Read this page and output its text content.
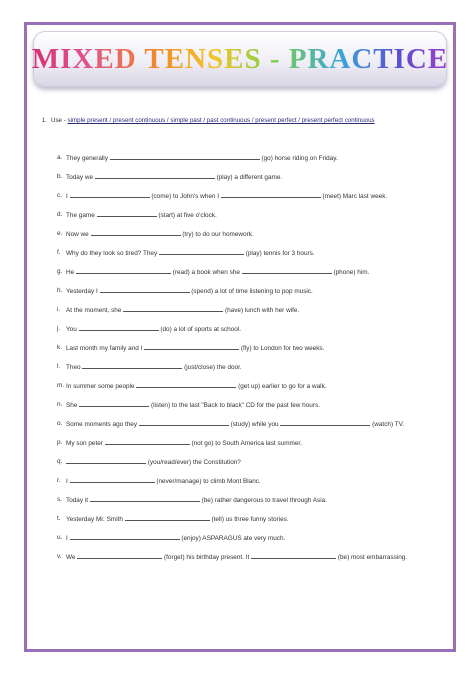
MIXED TENSES - PRACTICE
1. Use - simple present / present continuous / simple past / past continuous / present perfect / present perfect continuous
a. They generally	(go) horse riding on Friday.
b. Today we	(play) a different game.
c. I	(come) to John's when I	(meet) Marc last week.
d. The game	(start) at five o'clock.
e. Now we	(try) to do our homework.
f. Why do they look so tired? They	(play) tennis for 3 hours.
g. He	(read) a book when she	(phone) him.
h. Yesterday I	(spend) a lot of time listening to pop music.
i. At the moment, she	(have) lunch with her wife.
j. You	(do) a lot of sports at school.
k. Last month my family and I	(fly) to London for two weeks.
l. Theo	(just/close) the door.
m. In summer some people	(get up) earlier to go for a walk.
n. She	(listen) to the last "Back to black" CD for the past few hours.
o. Some moments ago they	(study) while you	(watch) TV.
p. My son peter	(not go) to South America last summer.
q.	(you/read/ever) the Constitution?
r. I	(never/manage) to climb Mont Blanc.
s. Today it	(be) rather dangerous to travel through Asia.
t. Yesterday Mr. Smith	(tell) us three funny stories.
u. I	(enjoy) ASPARAGUS ate very much.
v. We	(forget) his birthday present. It	(be) most embarrassing.
